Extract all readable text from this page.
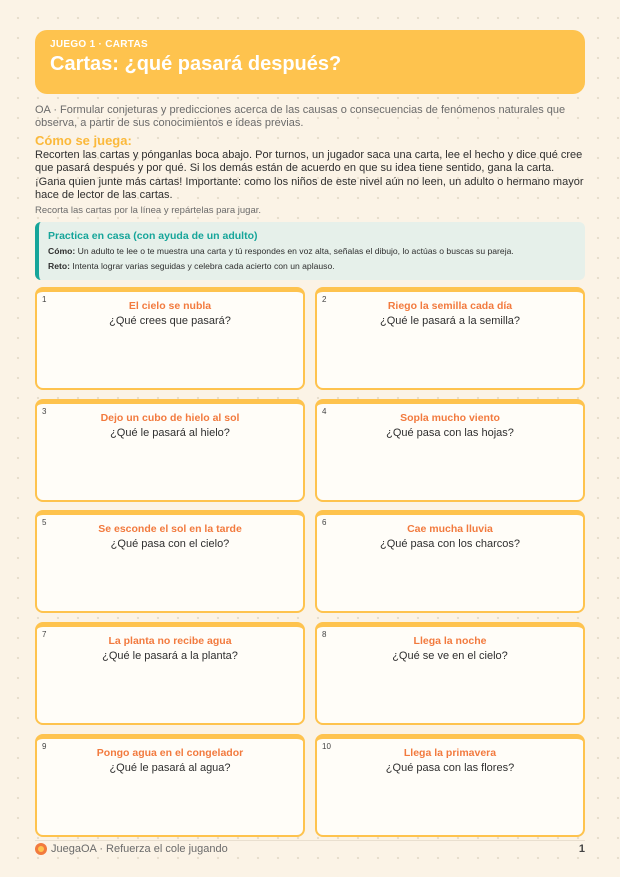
JUEGO 1 · CARTAS
Cartas: ¿qué pasará después?
OA · Formular conjeturas y predicciones acerca de las causas o consecuencias de fenómenos naturales que observa, a partir de sus conocimientos e ideas previas.
Cómo se juega:
Recorten las cartas y pónganlas boca abajo. Por turnos, un jugador saca una carta, lee el hecho y dice qué cree que pasará después y por qué. Si los demás están de acuerdo en que su idea tiene sentido, gana la carta. ¡Gana quien junte más cartas! Importante: como los niños de este nivel aún no leen, un adulto o hermano mayor hace de lector de las cartas.
Recorta las cartas por la línea y repártelas para jugar.
Practica en casa (con ayuda de un adulto)
Cómo: Un adulto te lee o te muestra una carta y tú respondes en voz alta, señalas el dibujo, lo actúas o buscas su pareja.
Reto: Intenta lograr varias seguidas y celebra cada acierto con un aplauso.
1
El cielo se nubla
¿Qué crees que pasará?
2
Riego la semilla cada día
¿Qué le pasará a la semilla?
3
Dejo un cubo de hielo al sol
¿Qué le pasará al hielo?
4
Sopla mucho viento
¿Qué pasa con las hojas?
5
Se esconde el sol en la tarde
¿Qué pasa con el cielo?
6
Cae mucha lluvia
¿Qué pasa con los charcos?
7
La planta no recibe agua
¿Qué le pasará a la planta?
8
Llega la noche
¿Qué se ve en el cielo?
9
Pongo agua en el congelador
¿Qué le pasará al agua?
10
Llega la primavera
¿Qué pasa con las flores?
JuegaOA · Refuerza el cole jugando	1
